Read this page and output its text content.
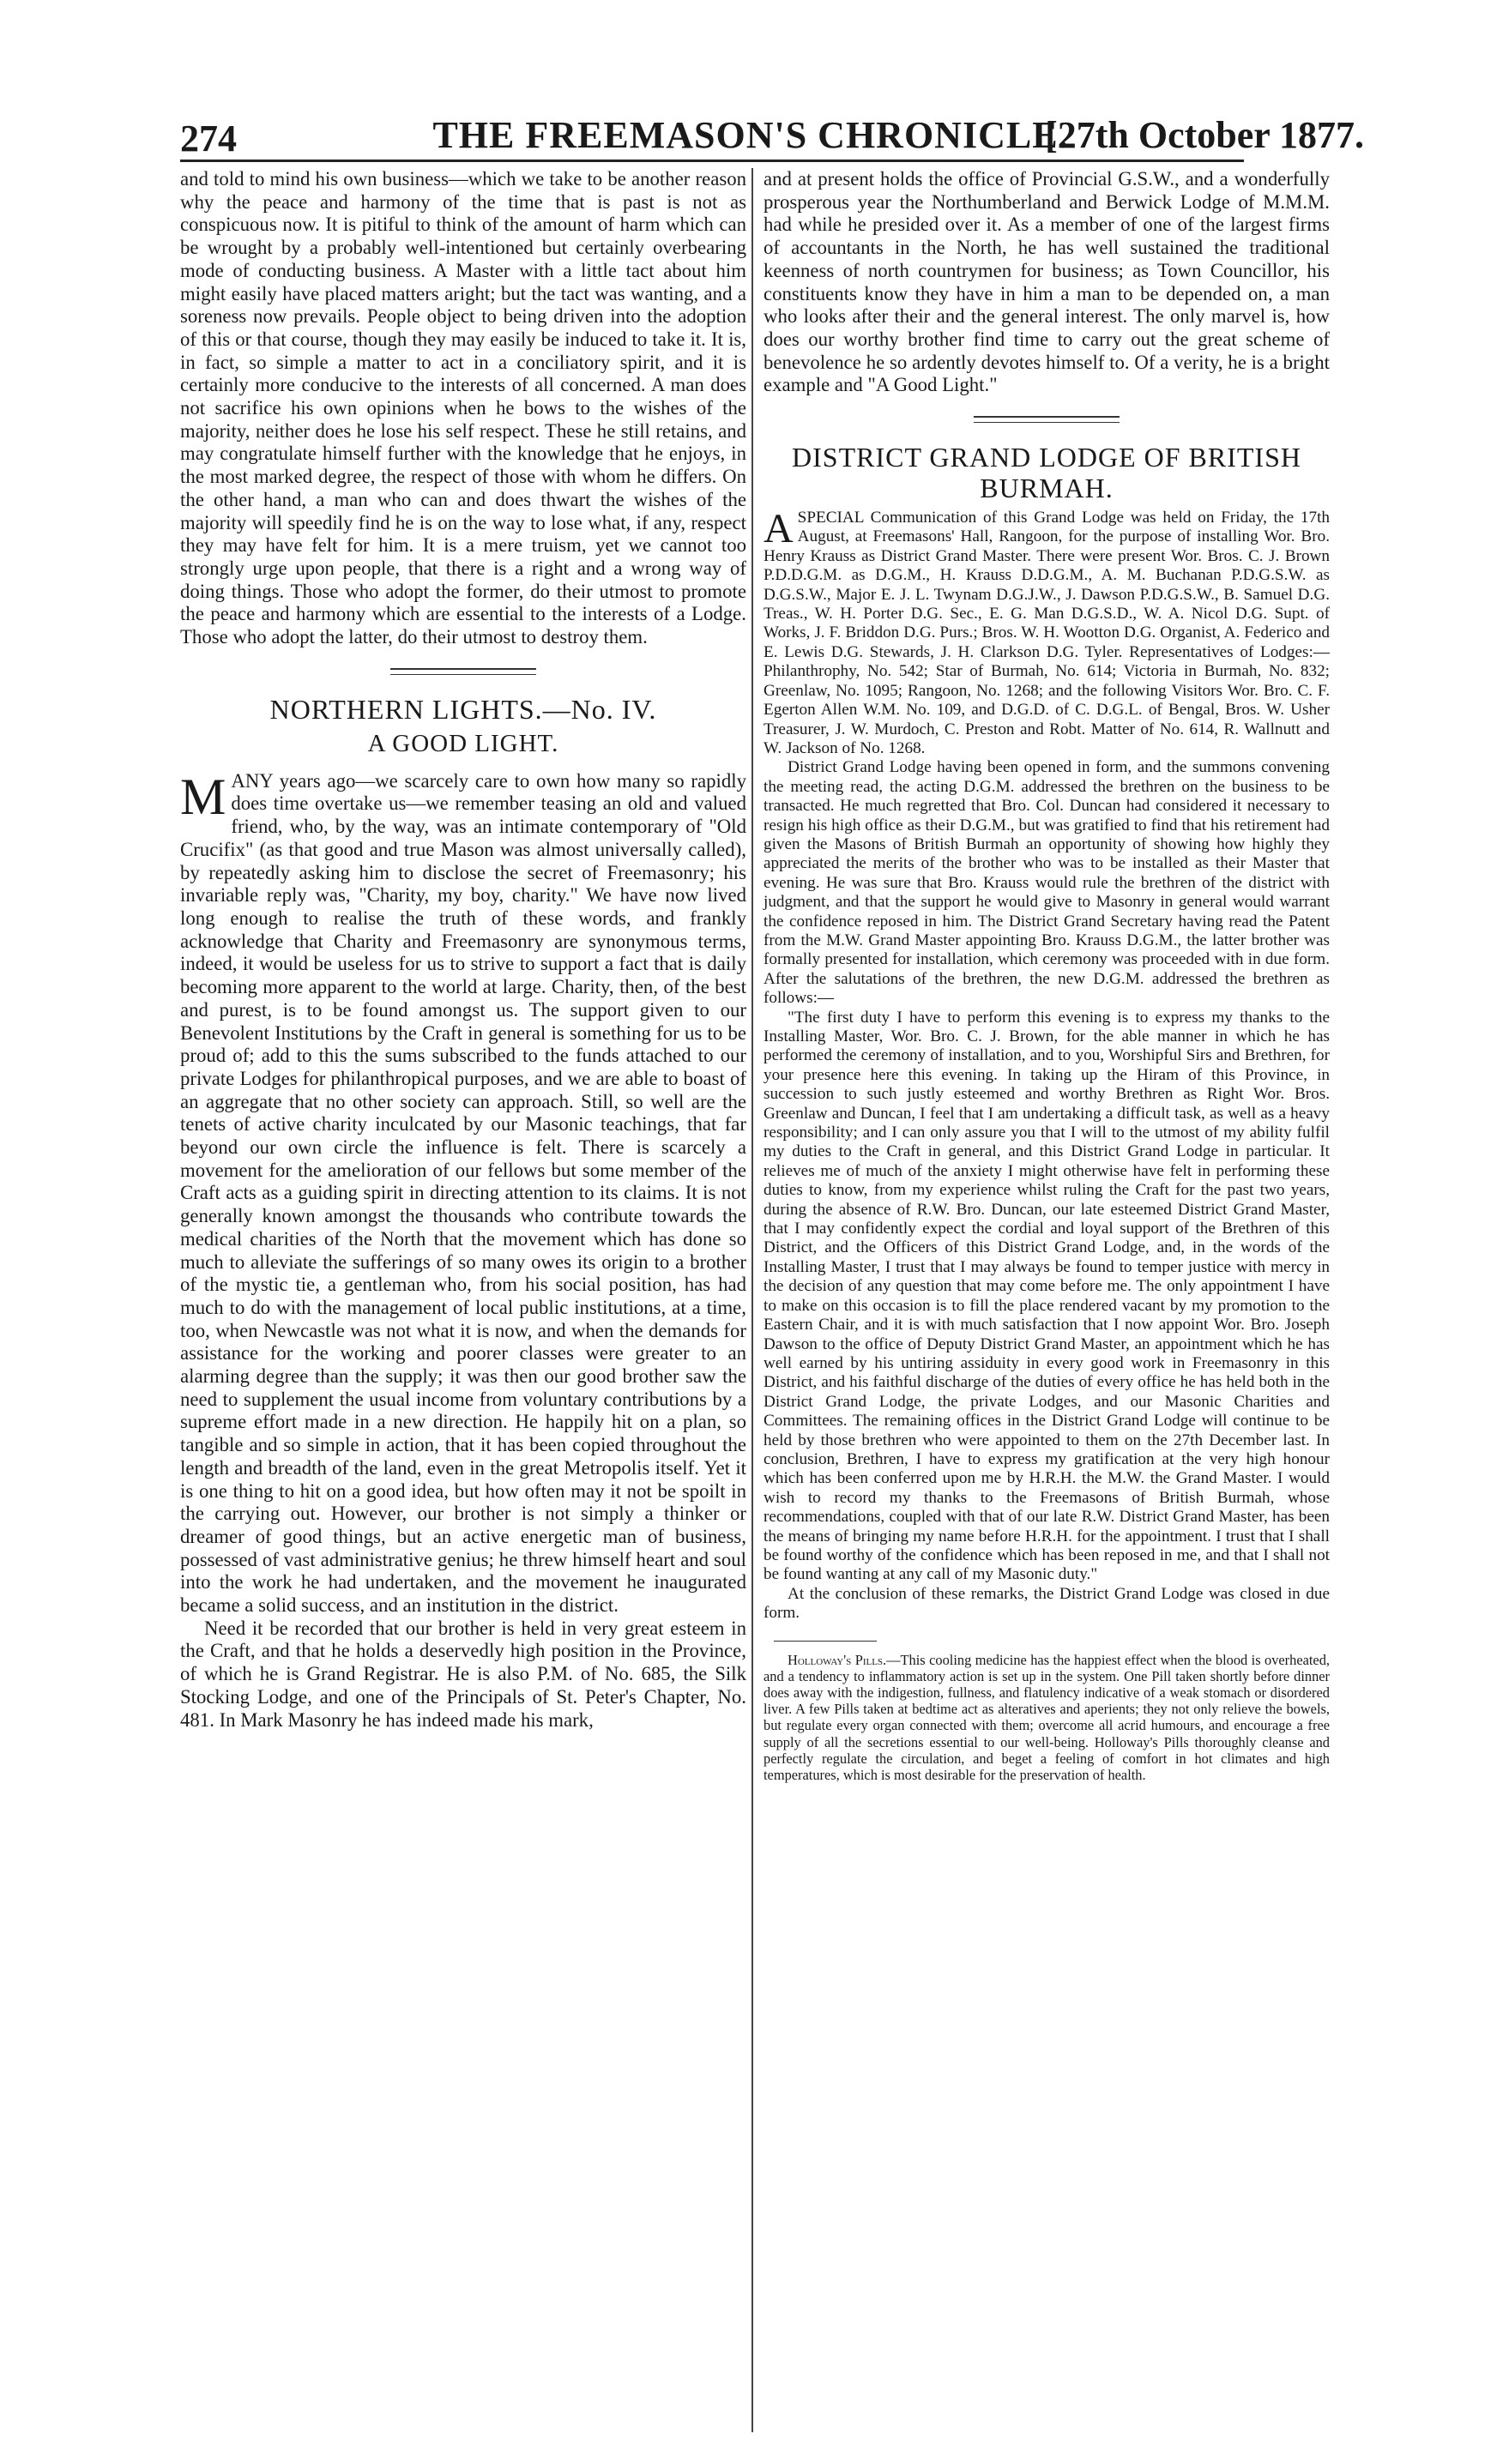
274	THE FREEMASON'S CHRONICLE.
[27th October 1877.

and told to mind his own business—which we take to be another reason why the peace and harmony of the time that is past is not as conspicuous now. It is pitiful to think of the amount of harm which can be wrought by a probably well-intentioned but certainly overbearing mode of conducting business. A Master with a little tact about him might easily have placed matters aright; but the tact was wanting, and a soreness now prevails. People object to being driven into the adoption of this or that course, though they may easily be induced to take it. It is, in fact, so simple a matter to act in a conciliatory spirit, and it is certainly more conducive to the interests of all concerned. A man does not sacrifice his own opinions when he bows to the wishes of the majority, neither does he lose his self respect. These he still retains, and may congratulate himself further with the knowledge that he enjoys, in the most marked degree, the respect of those with whom he differs. On the other hand, a man who can and does thwart the wishes of the majority will speedily find he is on the way to lose what, if any, respect they may have felt for him. It is a mere truism, yet we cannot too strongly urge upon people, that there is a right and a wrong way of doing things. Those who adopt the former, do their utmost to promote the peace and harmony which are essential to the interests of a Lodge. Those who adopt the latter, do their utmost to destroy them.

NORTHERN LIGHTS.—No. IV.
A GOOD LIGHT.

MANY years ago—we scarcely care to own how many so rapidly does time overtake us—we remember teasing an old and valued friend, who, by the way, was an intimate contemporary of "Old Crucifix" (as that good and true Mason was almost universally called), by repeatedly asking him to disclose the secret of Freemasonry; his invariable reply was, "Charity, my boy, charity." We have now lived long enough to realise the truth of these words, and frankly acknowledge that Charity and Freemasonry are synonymous terms, indeed, it would be useless for us to strive to support a fact that is daily becoming more apparent to the world at large. Charity, then, of the best and purest, is to be found amongst us. The support given to our Benevolent Institutions by the Craft in general is something for us to be proud of; add to this the sums subscribed to the funds attached to our private Lodges for philanthropical purposes, and we are able to boast of an aggregate that no other society can approach. Still, so well are the tenets of active charity inculcated by our Masonic teachings, that far beyond our own circle the influence is felt. There is scarcely a movement for the amelioration of our fellows but some member of the Craft acts as a guiding spirit in directing attention to its claims. It is not generally known amongst the thousands who contribute towards the medical charities of the North that the movement which has done so much to alleviate the sufferings of so many owes its origin to a brother of the mystic tie, a gentleman who, from his social position, has had much to do with the management of local public institutions, at a time, too, when Newcastle was not what it is now, and when the demands for assistance for the working and poorer classes were greater to an alarming degree than the supply; it was then our good brother saw the need to supplement the usual income from voluntary contributions by a supreme effort made in a new direction. He happily hit on a plan, so tangible and so simple in action, that it has been copied throughout the length and breadth of the land, even in the great Metropolis itself. Yet it is one thing to hit on a good idea, but how often may it not be spoilt in the carrying out. However, our brother is not simply a thinker or dreamer of good things, but an active energetic man of business, possessed of vast administrative genius; he threw himself heart and soul into the work he had undertaken, and the movement he inaugurated became a solid success, and an institution in the district.

Need it be recorded that our brother is held in very great esteem in the Craft, and that he holds a deservedly high position in the Province, of which he is Grand Registrar. He is also P.M. of No. 685, the Silk Stocking Lodge, and one of the Principals of St. Peter's Chapter, No. 481. In Mark Masonry he has indeed made his mark,

and at present holds the office of Provincial G.S.W., and a wonderfully prosperous year the Northumberland and Berwick Lodge of M.M.M. had while he presided over it. As a member of one of the largest firms of accountants in the North, he has well sustained the traditional keenness of north countrymen for business; as Town Councillor, his constituents know they have in him a man to be depended on, a man who looks after their and the general interest. The only marvel is, how does our worthy brother find time to carry out the great scheme of benevolence he so ardently devotes himself to. Of a verity, he is a bright example and "A Good Light."

DISTRICT GRAND LODGE OF BRITISH BURMAH.

ASPECIAL Communication of this Grand Lodge was held on Friday, the 17th August, at Freemasons' Hall, Rangoon, for the purpose of installing Wor. Bro. Henry Krauss as District Grand Master. There were present Wor. Bros. C. J. Brown P.D.D.G.M. as D.G.M., H. Krauss D.D.G.M., A. M. Buchanan P.D.G.S.W. as D.G.S.W., Major E. J. L. Twynam D.G.J.W., J. Dawson P.D.G.S.W., B. Samuel D.G. Treas., W. H. Porter D.G. Sec., E. G. Man D.G.S.D., W. A. Nicol D.G. Supt. of Works, J. F. Briddon D.G. Purs.; Bros. W. H. Wootton D.G. Organist, A. Federico and E. Lewis D.G. Stewards, J. H. Clarkson D.G. Tyler. Representatives of Lodges:—Philanthrophy, No. 542; Star of Burmah, No. 614; Victoria in Burmah, No. 832; Greenlaw, No. 1095; Rangoon, No. 1268; and the following Visitors Wor. Bro. C. F. Egerton Allen W.M. No. 109, and D.G.D. of C. D.G.L. of Bengal, Bros. W. Usher Treasurer, J. W. Murdoch, C. Preston and Robt. Matter of No. 614, R. Wallnutt and W. Jackson of No. 1268.

District Grand Lodge having been opened in form, and the summons convening the meeting read, the acting D.G.M. addressed the brethren on the business to be transacted. He much regretted that Bro. Col. Duncan had considered it necessary to resign his high office as their D.G.M., but was gratified to find that his retirement had given the Masons of British Burmah an opportunity of showing how highly they appreciated the merits of the brother who was to be installed as their Master that evening. He was sure that Bro. Krauss would rule the brethren of the district with judgment, and that the support he would give to Masonry in general would warrant the confidence reposed in him. The District Grand Secretary having read the Patent from the M.W. Grand Master appointing Bro. Krauss D.G.M., the latter brother was formally presented for installation, which ceremony was proceeded with in due form. After the salutations of the brethren, the new D.G.M. addressed the brethren as follows:—

"The first duty I have to perform this evening is to express my thanks to the Installing Master, Wor. Bro. C. J. Brown, for the able manner in which he has performed the ceremony of installation, and to you, Worshipful Sirs and Brethren, for your presence here this evening. In taking up the Hiram of this Province, in succession to such justly esteemed and worthy Brethren as Right Wor. Bros. Greenlaw and Duncan, I feel that I am undertaking a difficult task, as well as a heavy responsibility; and I can only assure you that I will to the utmost of my ability fulfil my duties to the Craft in general, and this District Grand Lodge in particular. It relieves me of much of the anxiety I might otherwise have felt in performing these duties to know, from my experience whilst ruling the Craft for the past two years, during the absence of R.W. Bro. Duncan, our late esteemed District Grand Master, that I may confidently expect the cordial and loyal support of the Brethren of this District, and the Officers of this District Grand Lodge, and, in the words of the Installing Master, I trust that I may always be found to temper justice with mercy in the decision of any question that may come before me. The only appointment I have to make on this occasion is to fill the place rendered vacant by my promotion to the Eastern Chair, and it is with much satisfaction that I now appoint Wor. Bro. Joseph Dawson to the office of Deputy District Grand Master, an appointment which he has well earned by his untiring assiduity in every good work in Freemasonry in this District, and his faithful discharge of the duties of every office he has held both in the District Grand Lodge, the private Lodges, and our Masonic Charities and Committees. The remaining offices in the District Grand Lodge will continue to be held by those brethren who were appointed to them on the 27th December last. In conclusion, Brethren, I have to express my gratification at the very high honour which has been conferred upon me by H.R.H. the M.W. the Grand Master. I would wish to record my thanks to the Freemasons of British Burmah, whose recommendations, coupled with that of our late R.W. District Grand Master, has been the means of bringing my name before H.R.H. for the appointment. I trust that I shall be found worthy of the confidence which has been reposed in me, and that I shall not be found wanting at any call of my Masonic duty."

At the conclusion of these remarks, the District Grand Lodge was closed in due form.

Holloway's Pills.—This cooling medicine has the happiest effect when the blood is overheated, and a tendency to inflammatory action is set up in the system. One Pill taken shortly before dinner does away with the indigestion, fullness, and flatulency indicative of a weak stomach or disordered liver. A few Pills taken at bedtime act as alteratives and aperients; they not only relieve the bowels, but regulate every organ connected with them; overcome all acrid humours, and encourage a free supply of all the secretions essential to our well-being. Holloway's Pills thoroughly cleanse and perfectly regulate the circulation, and beget a feeling of comfort in hot climates and high temperatures, which is most desirable for the preservation of health.
